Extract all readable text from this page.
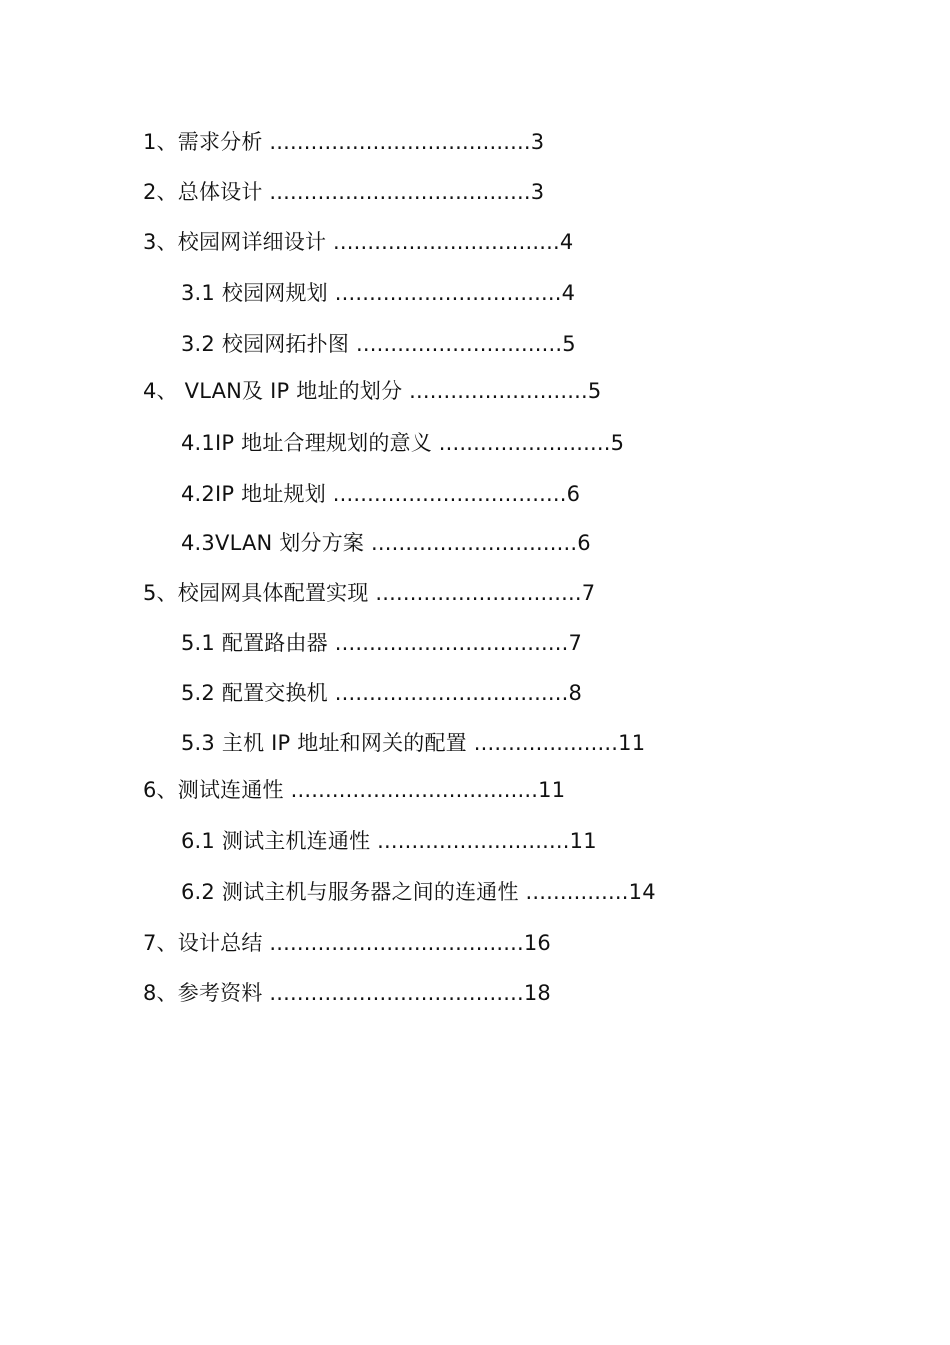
1、需求分析 ......................................3
2、总体设计 ......................................3
3、校园网详细设计 .................................4
3.1 校园网规划 .................................4
3.2 校园网拓扑图 ..............................5
4、 VLAN及 IP 地址的划分 ..........................5
4.1IP 地址合理规划的意义 .........................5
4.2IP 地址规划 ..................................6
4.3VLAN 划分方案 ..............................6
5、校园网具体配置实现 ..............................7
5.1 配置路由器 ..................................7
5.2 配置交换机 ..................................8
5.3 主机 IP 地址和网关的配置 .....................11
6、测试连通性 ....................................11
6.1 测试主机连通性 ............................11
6.2 测试主机与服务器之间的连通性 ...............14
7、设计总结 .....................................16
8、参考资料 .....................................18
